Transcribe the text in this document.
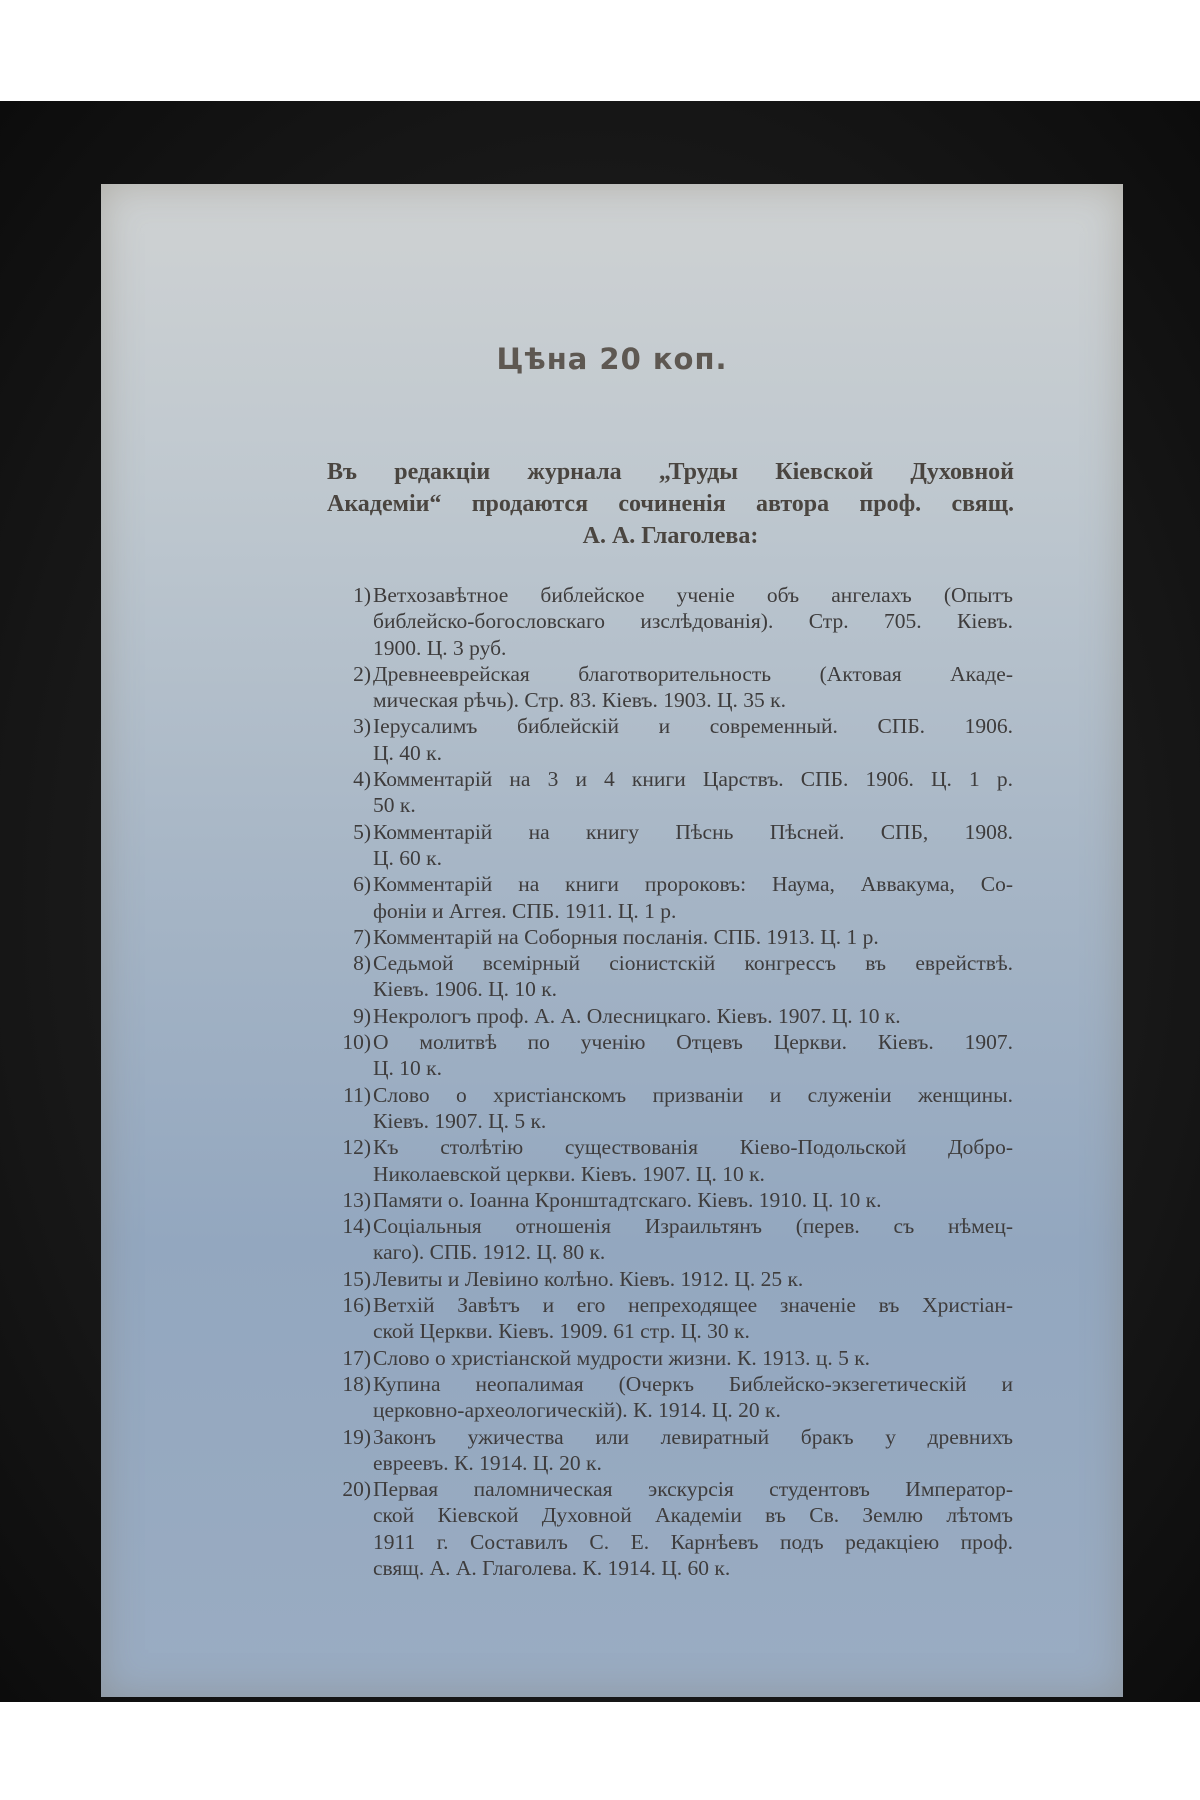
Цѣна 20 коп.
Въ редакціи журнала „Труды Кіевской Духовной
Академіи“ продаются сочиненія автора проф. свящ.
А. А. Глаголева:
1) Ветхозавѣтное библейское ученіе объ ангелахъ (Опытъ
библейско-богословскаго изслѣдованія). Стр. 705. Кіевъ.
1900. Ц. 3 руб.
2) Древнееврейская благотворительность (Актовая Акаде-
мическая рѣчь). Стр. 83. Кіевъ. 1903. Ц. 35 к.
3) Іерусалимъ библейскій и современный. СПБ. 1906.
Ц. 40 к.
4) Комментарій на 3 и 4 книги Царствъ. СПБ. 1906. Ц. 1 р.
50 к.
5) Комментарій на книгу Пѣснь Пѣсней. СПБ, 1908.
Ц. 60 к.
6) Комментарій на книги пророковъ: Наума, Аввакума, Со-
фоніи и Аггея. СПБ. 1911. Ц. 1 р.
7) Комментарій на Соборныя посланія. СПБ. 1913. Ц. 1 р.
8) Седьмой всемірный сіонистскій конгрессъ въ еврействѣ.
Кіевъ. 1906. Ц. 10 к.
9) Некрологъ проф. А. А. Олесницкаго. Кіевъ. 1907. Ц. 10 к.
10) О молитвѣ по ученію Отцевъ Церкви. Кіевъ. 1907.
Ц. 10 к.
11) Слово о христіанскомъ призваніи и служеніи женщины.
Кіевъ. 1907. Ц. 5 к.
12) Къ столѣтію существованія Кіево-Подольской Добро-
Николаевской церкви. Кіевъ. 1907. Ц. 10 к.
13) Памяти о. Іоанна Кронштадтскаго. Кіевъ. 1910. Ц. 10 к.
14) Соціальныя отношенія Израильтянъ (перев. съ нѣмец-
каго). СПБ. 1912. Ц. 80 к.
15) Левиты и Левіино колѣно. Кіевъ. 1912. Ц. 25 к.
16) Ветхій Завѣтъ и его непреходящее значеніе въ Христіан-
ской Церкви. Кіевъ. 1909. 61 стр. Ц. 30 к.
17) Слово о христіанской мудрости жизни. К. 1913. ц. 5 к.
18) Купина неопалимая (Очеркъ Библейско-экзегетическій и
церковно-археологическій). К. 1914. Ц. 20 к.
19) Законъ ужичества или левиратный бракъ у древнихъ
евреевъ. К. 1914. Ц. 20 к.
20) Первая паломническая экскурсія студентовъ Император-
ской Кіевской Духовной Академіи въ Св. Землю лѣтомъ
1911 г. Составилъ С. Е. Карнѣевъ подъ редакціею проф.
свящ. А. А. Глаголева. К. 1914. Ц. 60 к.
